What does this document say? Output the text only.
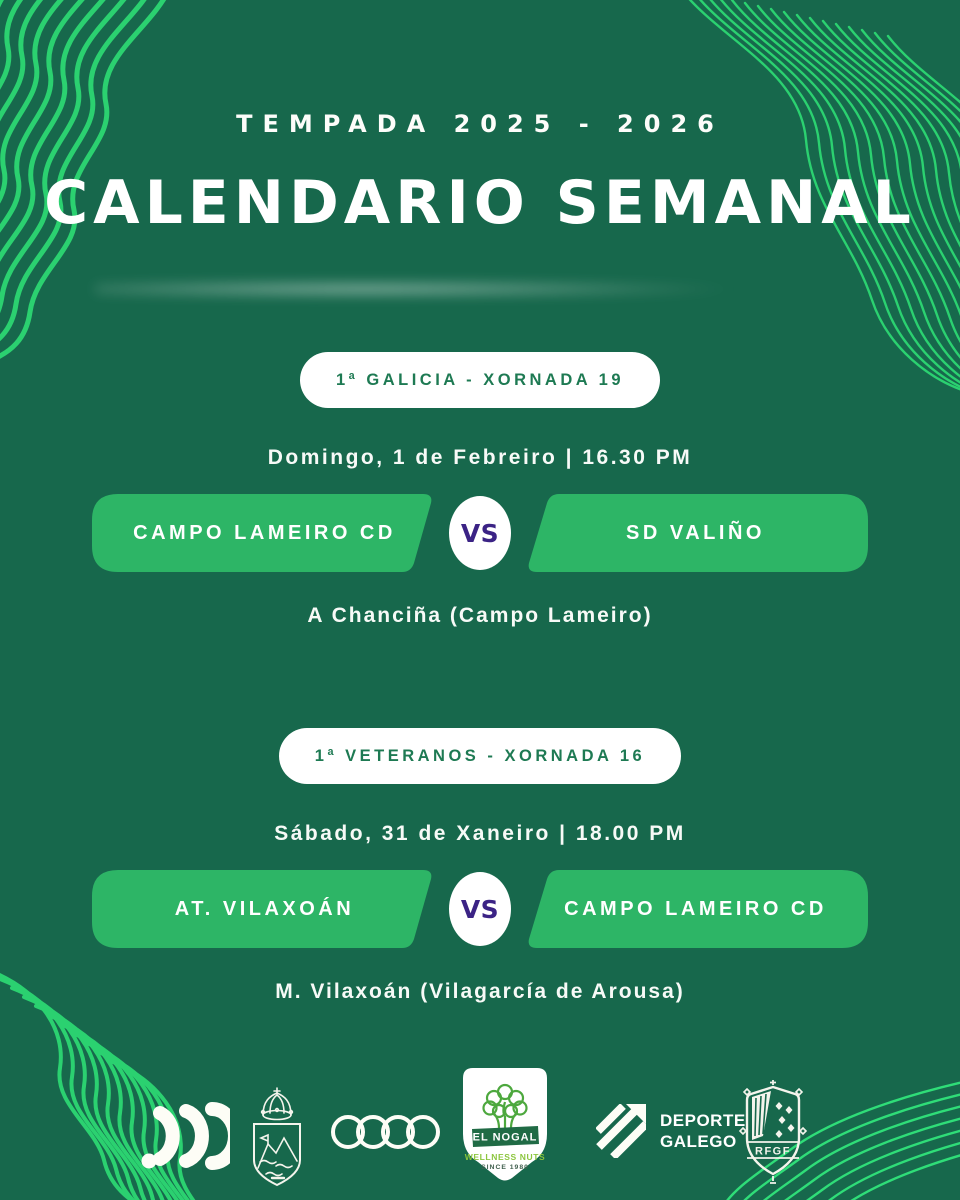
TEMPADA 2025 - 2026
CALENDARIO SEMANAL
1ª GALICIA - XORNADA 19
Domingo, 1 de Febreiro | 16.30 PM
CAMPO LAMEIRO CD	VS	SD VALIÑO
A Chanciña (Campo Lameiro)
1ª VETERANOS - XORNADA 16
Sábado, 31 de Xaneiro | 18.00 PM
AT. VILAXOÁN	VS	CAMPO LAMEIRO CD
M. Vilaxoán (Vilagarcía de Arousa)
EL NOGAL
WELLNESS NUTS
SINCE 1980
DEPORTE
GALEGO
RFGF
